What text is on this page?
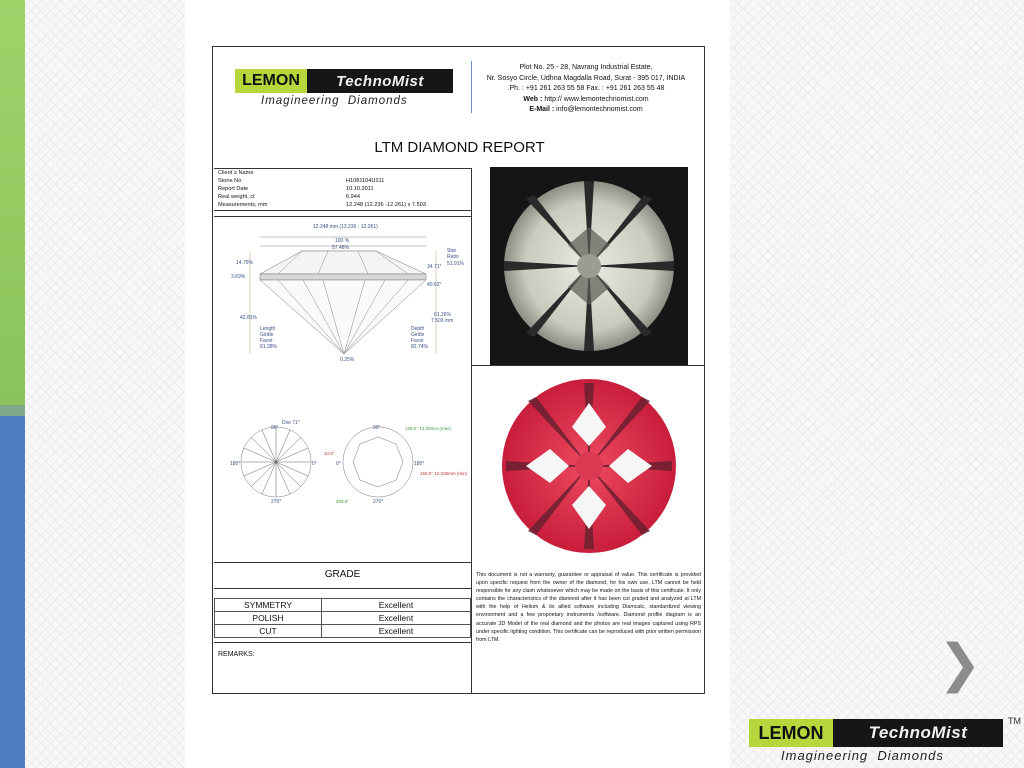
LEMON	TechnoMist
Imagineering  Diamonds
Plot No. 25 - 28, Navrang Industrial Estate,
Nr. Sosyo Circle, Udhna Magdalla Road, Surat - 395 017, INDIA
.Ph. : +91 261 263 55 58 Fax. : +91 261 263 55 48
Web : http:// www.lemontechnomist.com
E-Mail : info@lemontechnomist.com
LTM DIAMOND REPORT
Client`s Name
Stone No	H1081104U211
Report Date	10.10.2011
Real weight, ct	6.944
Measurements, mm	12.248 (12.236 -12.261) x 7.503
12.248 mm (12.236 - 12.261)
100 %
57.48%
14.76%
3.69%
42.81%
Star
Ratio
51.91%
34.71°
40.62°
61.26%
7.503 mm
Length
Girdle
Facet
81.28%
Depth
Girdle
Facet
82.74%
0.25%
Dxe 71°
90°
180°	0°
270°
90°
0°	180°
270°
129.0° 12.26mm (max)
10.0°
160.0° 12.236mm (min)
309.0°
GRADE
SYMMETRY	Excellent
POLISH	Excellent
CUT	Excellent
REMARKS:
This document is not a warranty, guarantee or appraisal of value. This certificate is provided upon specific request from the owner of the diamond, for his own use. LTM cannot be held responsible for any claim whatsoever which may be made on the basis of this certificate. It only contains the characteristics of the diamond after it has been cut graded and analyzed at LTM with the help of Helium & its allied software including Diamcalc, standardized viewing environment and a few proprietary instruments /software. Diamond profile diagram is an accurate 3D Model of the real diamond and the photos are real images captured using RPS under specific lighting condition. This certificate can be reproduced with prior written permission from LTM.	❯
LEMON	TechnoMist
Imagineering  Diamonds
TM
